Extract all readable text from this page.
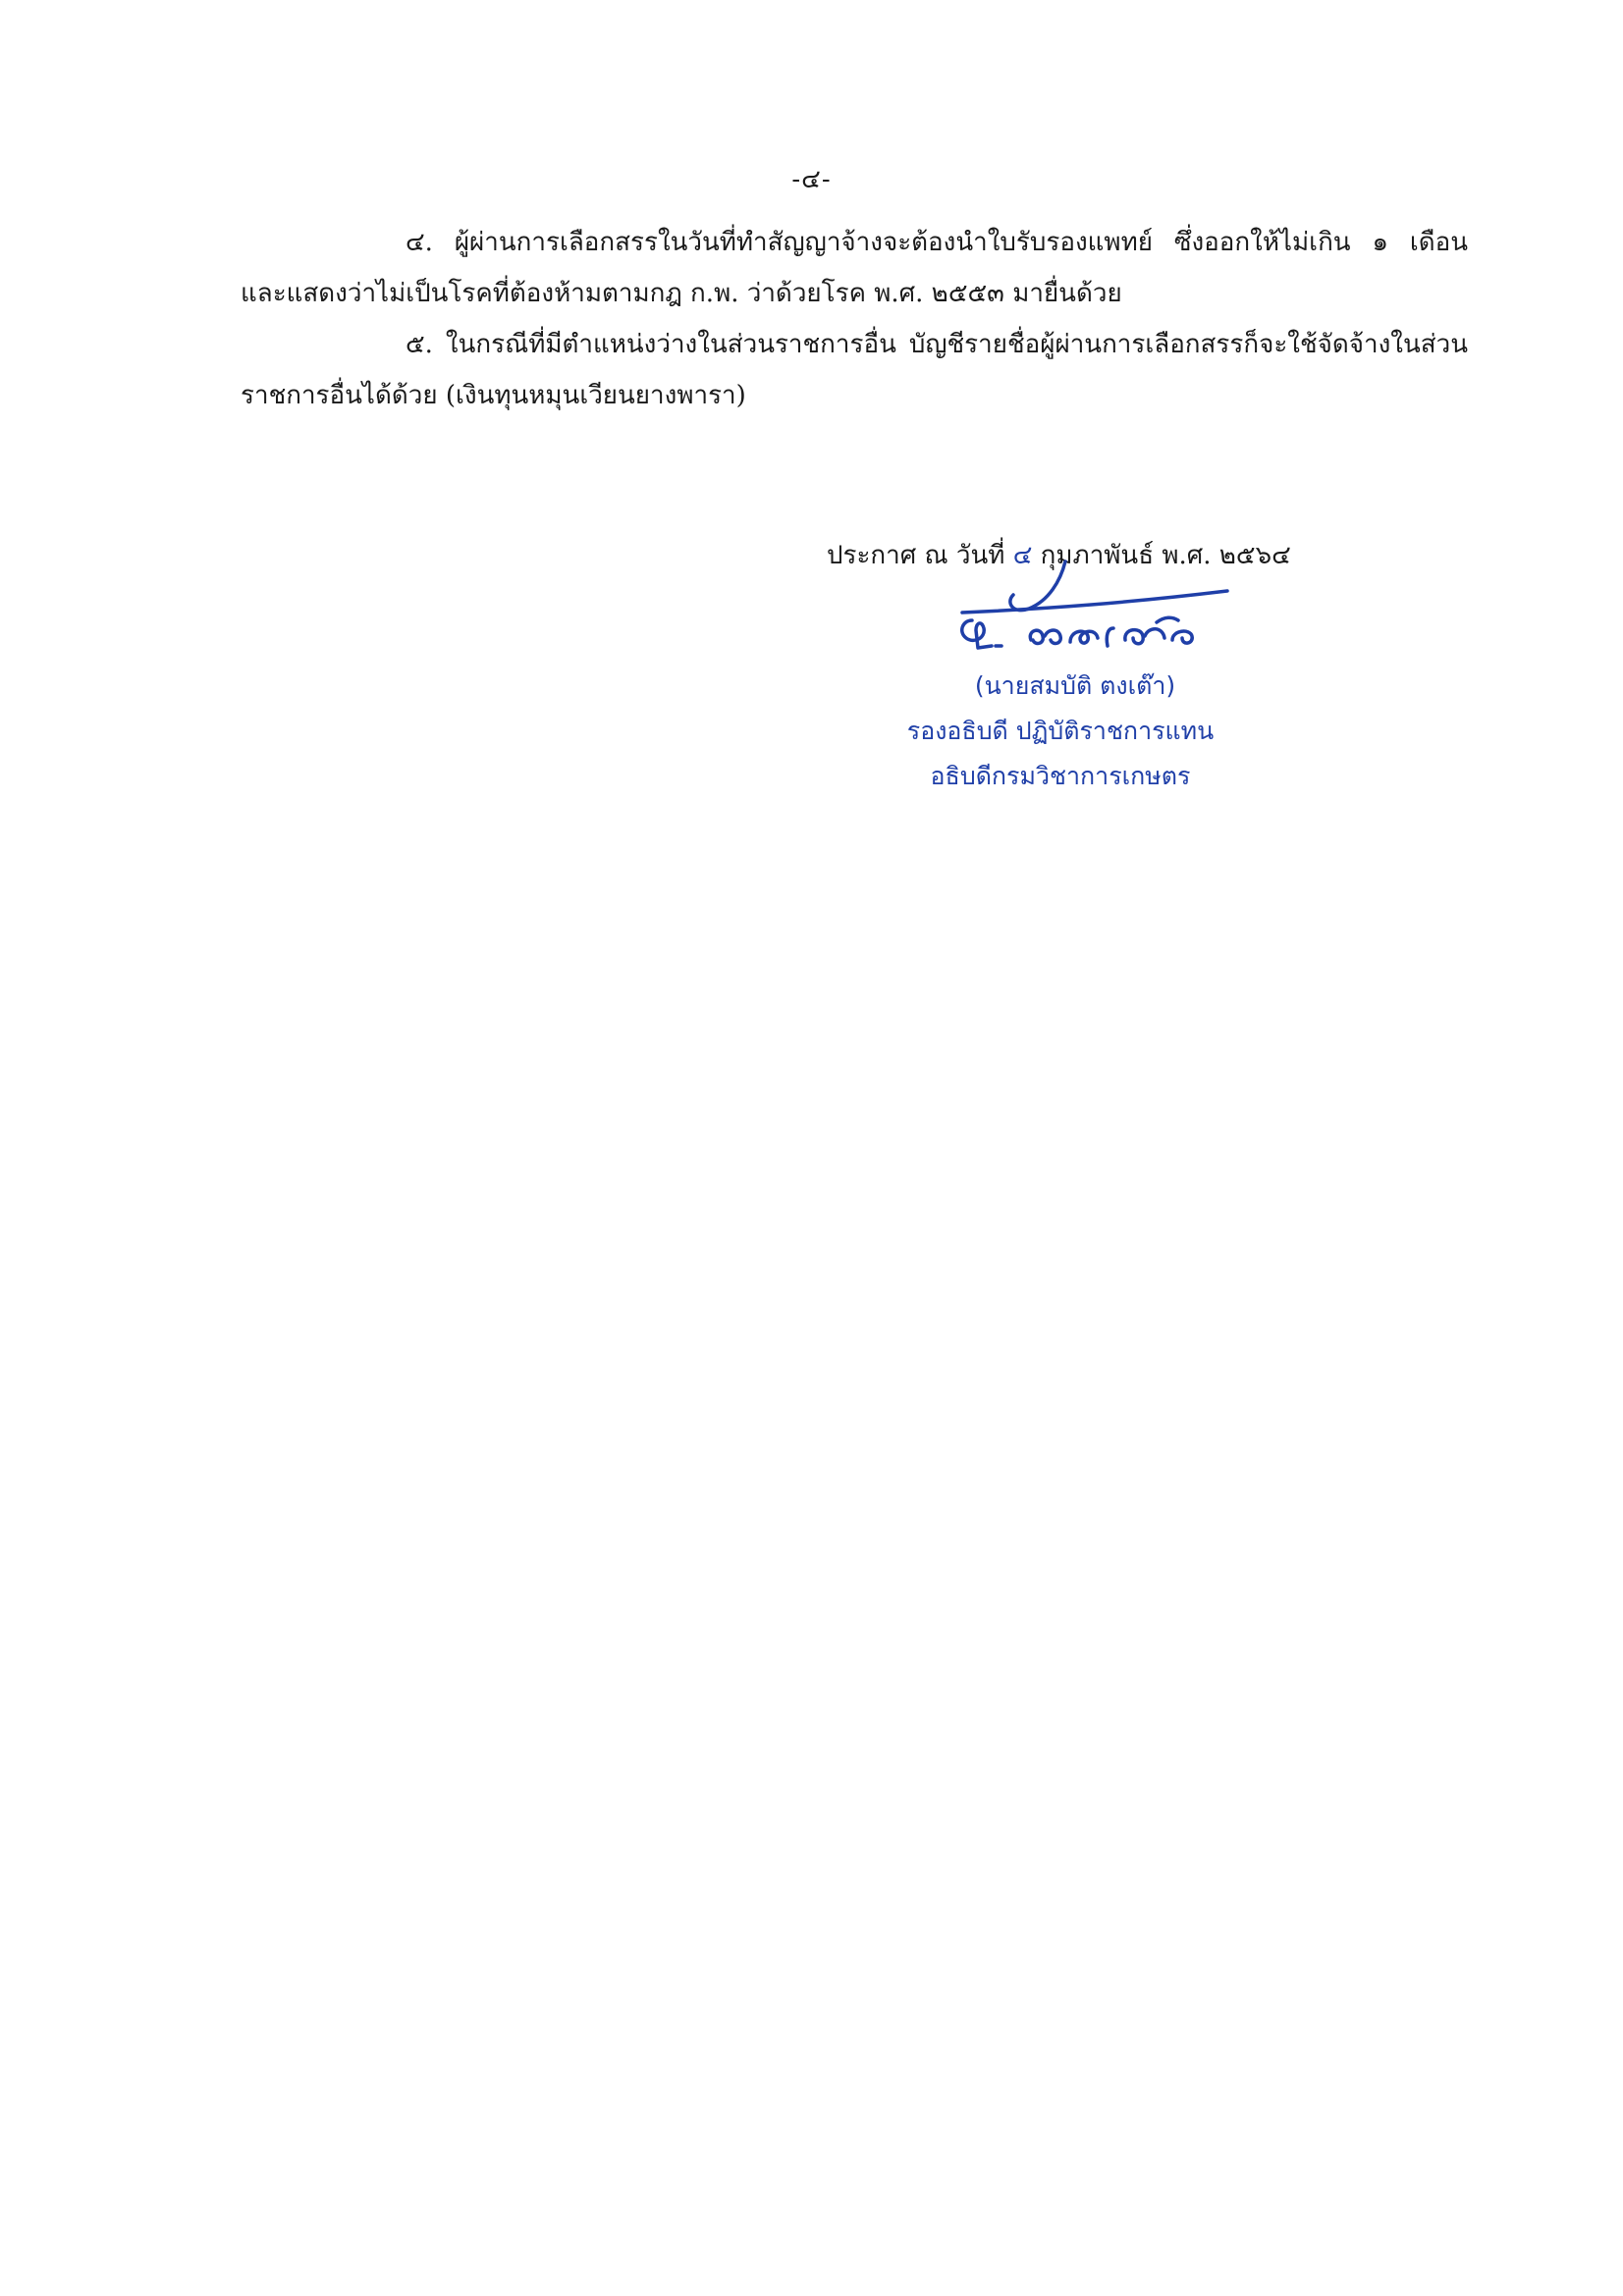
-๔-

๔. ผู้ผ่านการเลือกสรรในวันที่ทำสัญญาจ้างจะต้องนำใบรับรองแพทย์ ซึ่งออกให้ไม่เกิน ๑ เดือน และแสดงว่าไม่เป็นโรคที่ต้องห้ามตามกฎ ก.พ. ว่าด้วยโรค พ.ศ. ๒๕๕๓ มายื่นด้วย

๕. ในกรณีที่มีตำแหน่งว่างในส่วนราชการอื่น บัญชีรายชื่อผู้ผ่านการเลือกสรรก็จะใช้จัดจ้างในส่วนราชการอื่นได้ด้วย (เงินทุนหมุนเวียนยางพารา)

ประกาศ ณ วันที่ ๔ กุมภาพันธ์ พ.ศ. ๒๕๖๔
(นายสมบัติ ตงเต๊า)
รองอธิบดี ปฏิบัติราชการแทน
อธิบดีกรมวิชาการเกษตร
